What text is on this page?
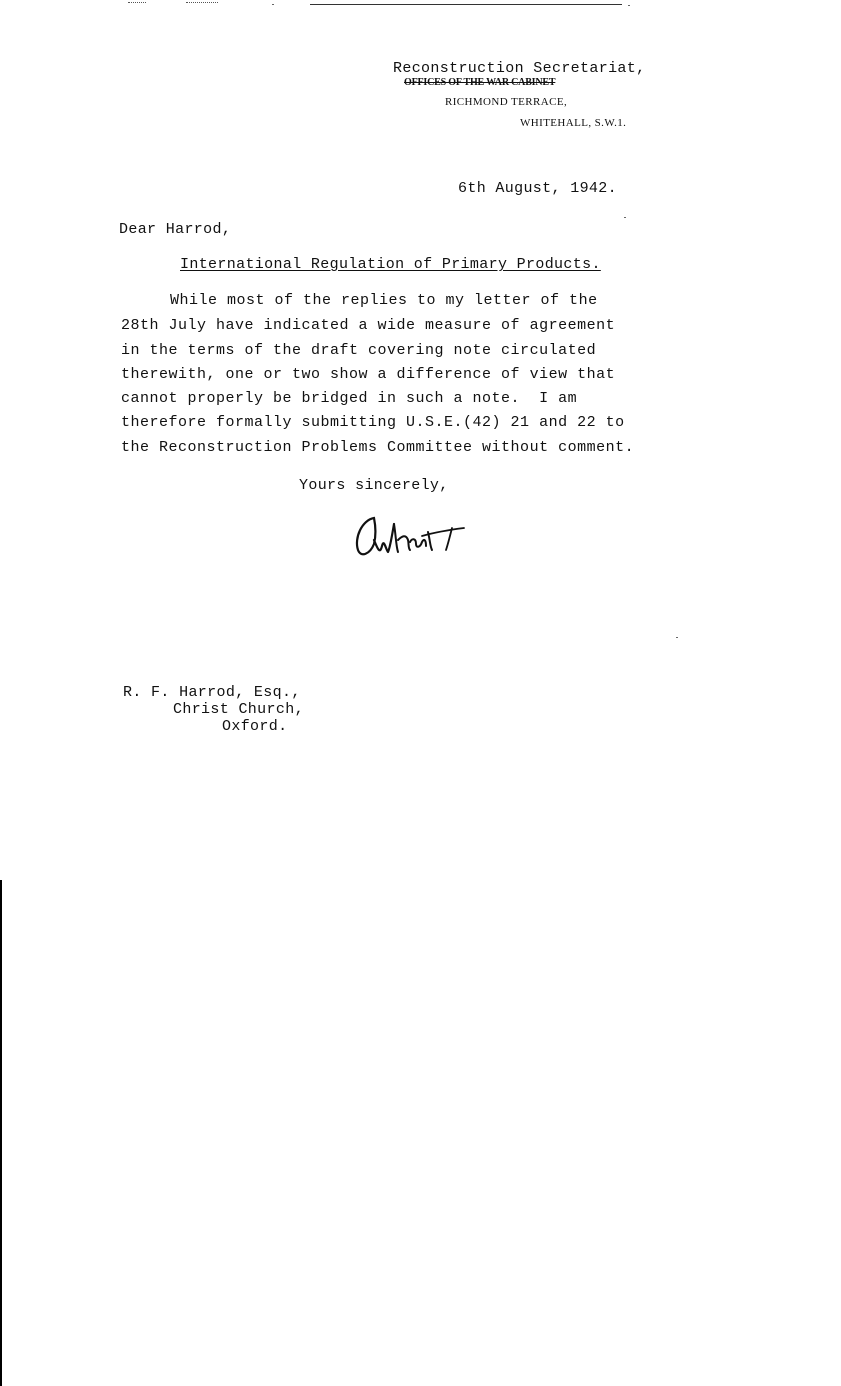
Reconstruction Secretariat,
OFFICES OF THE WAR CABINET
RICHMOND TERRACE,
WHITEHALL, S.W.1.
6th August, 1942.
Dear Harrod,
International Regulation of Primary Products.
While most of the replies to my letter of the
28th July have indicated a wide measure of agreement
in the terms of the draft covering note circulated
therewith, one or two show a difference of view that
cannot properly be bridged in such a note.  I am
therefore formally submitting U.S.E.(42) 21 and 22 to
the Reconstruction Problems Committee without comment.
Yours sincerely,
R. F. Harrod, Esq.,
Christ Church,
Oxford.
